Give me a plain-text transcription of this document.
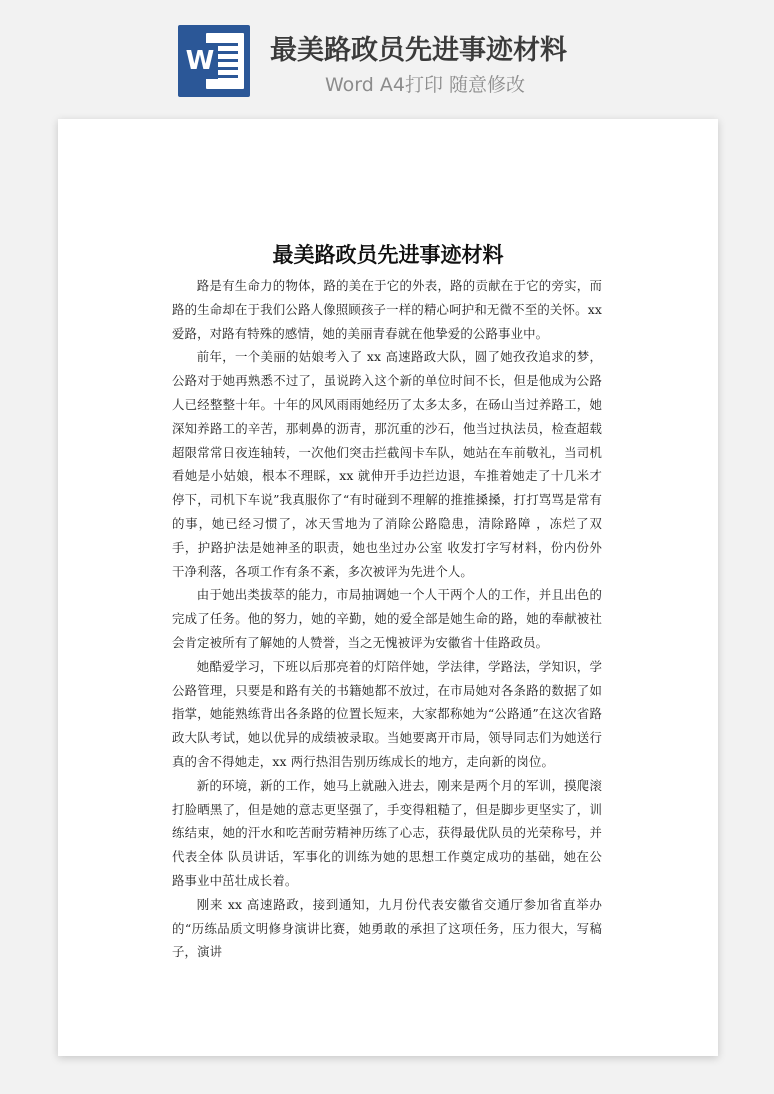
W 最美路政员先进事迹材料
Word A4打印 随意修改
最美路政员先进事迹材料

路是有生命力的物体，路的美在于它的外表，路的贡献在于它的旁实，而路的生命却在于我们公路人像照顾孩子一样的精心呵护和无微不至的关怀。xx 爱路，对路有特殊的感情，她的美丽青春就在他挚爱的公路事业中。

前年，一个美丽的姑娘考入了 xx 高速路政大队，圆了她孜孜追求的梦，公路对于她再熟悉不过了，虽说跨入这个新的单位时间不长，但是他成为公路人已经整整十年。十年的风风雨雨她经历了太多太多，在砀山当过养路工，她深知养路工的辛苦，那刺鼻的沥青，那沉重的沙石，他当过执法员，检查超载超限常常日夜连轴转，一次他们突击拦截闯卡车队，她站在车前敬礼，当司机看她是小姑娘，根本不理睬，xx 就伸开手边拦边退，车推着她走了十几米才停下，司机下车说”我真服你了“有时碰到不理解的推推搡搡，打打骂骂是常有的事，她已经习惯了，冰天雪地为了消除公路隐患，清除路障 ，冻烂了双手，护路护法是她神圣的职责，她也坐过办公室 收发打字写材料，份内份外干净利落，各项工作有条不紊，多次被评为先进个人。

由于她出类拔萃的能力，市局抽调她一个人干两个人的工作，并且出色的完成了任务。他的努力，她的辛勤，她的爱全部是她生命的路，她的奉献被社会肯定被所有了解她的人赞誉，当之无愧被评为安徽省十佳路政员。

她酷爱学习，下班以后那亮着的灯陪伴她，学法律，学路法，学知识，学公路管理，只要是和路有关的书籍她都不放过，在市局她对各条路的数据了如指掌，她能熟练背出各条路的位置长短来，大家都称她为“公路通”在这次省路政大队考试，她以优异的成绩被录取。当她要离开市局，领导同志们为她送行真的舍不得她走，xx 两行热泪告别历练成长的地方，走向新的岗位。

新的环境，新的工作，她马上就融入进去，刚来是两个月的军训，摸爬滚打脸晒黑了，但是她的意志更坚强了，手变得粗糙了，但是脚步更坚实了，训练结束，她的汗水和吃苦耐劳精神历练了心志，获得最优队员的光荣称号，并代表全体 队员讲话，军事化的训练为她的思想工作奠定成功的基础，她在公路事业中茁壮成长着。

刚来 xx 高速路政，接到通知，九月份代表安徽省交通厅参加省直举办的“历练品质文明修身演讲比赛，她勇敢的承担了这项任务，压力很大，写稿子，演讲
